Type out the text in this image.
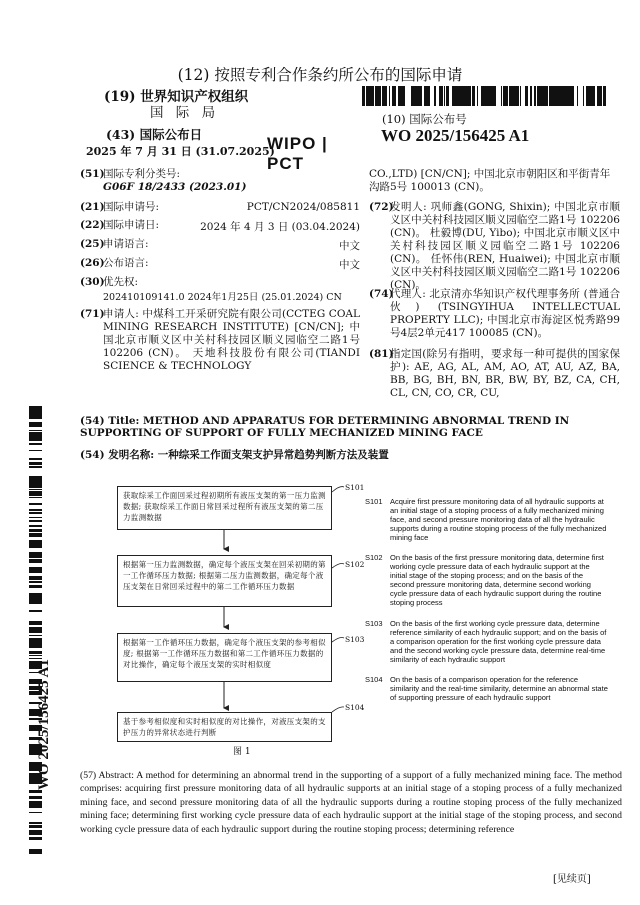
(12) 按照专利合作条约所公布的国际申请
(19) 世界知识产权组织
国 际 局	(10) 国际公布号
(43) 国际公布日	WO 2025/156425 A1
2025 年 7 月 31 日 (31.07.2025)
WIPO | PCT
(51)
国际专利分类号:
G06F 18/2433 (2023.01)
(21)
国际申请号:	PCT/CN2024/085811
(22)
国际申请日:	2024 年 4 月 3 日 (03.04.2024)
(25)
申请语言:	中文
(26)
公布语言:	中文
(30)
优先权:
202410109141.0 2024年1月25日 (25.01.2024) CN
(71)
申请人: 中煤科工开采研究院有限公司(CCTEG COAL MINING RESEARCH INSTITUTE) [CN/CN]; 中国北京市顺义区中关村科技园区顺义园临空二路1号 102206 (CN)。 天地科技股份有限公司(TIANDI SCIENCE & TECHNOLOGY
CO.,LTD) [CN/CN]; 中国北京市朝阳区和平街青年沟路5号 100013 (CN)。
(72)
发明人: 巩师鑫(GONG, Shixin); 中国北京市顺义区中关村科技园区顺义园临空二路1号 102206 (CN)。 杜毅博(DU, Yibo); 中国北京市顺义区中关村科技园区顺义园临空二路1号 102206 (CN)。 任怀伟(REN, Huaiwei); 中国北京市顺义区中关村科技园区顺义园临空二路1号 102206 (CN)。
(74)
代理人: 北京清亦华知识产权代理事务所 (普通合伙) (TSINGYIHUA INTELLECTUAL PROPERTY LLC); 中国北京市海淀区悦秀路99号4层2单元417 100085 (CN)。
(81)
指定国(除另有指明，要求每一种可提供的国家保护): AE, AG, AL, AM, AO, AT, AU, AZ, BA, BB, BG, BH, BN, BR, BW, BY, BZ, CA, CH, CL, CN, CO, CR, CU,
WO 2025/156425 A1
(54) Title: METHOD AND APPARATUS FOR DETERMINING ABNORMAL TREND IN SUPPORTING OF SUPPORT OF FULLY MECHANIZED MINING FACE
(54) 发明名称: 一种综采工作面支架支护异常趋势判断方法及装置
获取综采工作面回采过程初期所有液压支架的第一压力监测数据; 获取综采工作面日常回采过程所有液压支架的第二压力监测数据
S101
根据第一压力监测数据，确定每个液压支架在回采初期的第一工作循环压力数据; 根据第二压力监测数据，确定每个液压支架在日常回采过程中的第二工作循环压力数据
S102
根据第一工作循环压力数据，确定每个液压支架的参考相似度; 根据第一工作循环压力数据和第二工作循环压力数据的对比操作，确定每个液压支架的实时相似度
S103
基于参考相似度和实时相似度的对比操作，对液压支架的支护压力的异常状态进行判断
S104
图 1
S101 Acquire first pressure monitoring data of all hydraulic supports at an initial stage of a stoping process of a fully mechanized mining face, and second pressure monitoring data of all the hydraulic supports during a routine stoping process of the fully mechanized mining face
S102 On the basis of the first pressure monitoring data, determine first working cycle pressure data of each hydraulic support at the initial stage of the stoping process; and on the basis of the second pressure monitoring data, determine second working cycle pressure data of each hydraulic support during the routine stoping process
S103 On the basis of the first working cycle pressure data, determine reference similarity of each hydraulic support; and on the basis of a comparison operation for the first working cycle pressure data and the second working cycle pressure data, determine real-time similarity of each hydraulic support
S104 On the basis of a comparison operation for the reference similarity and the real-time similarity, determine an abnormal state of supporting pressure of each hydraulic support
(57) Abstract: A method for determining an abnormal trend in the supporting of a support of a fully mechanized mining face. The method comprises: acquiring first pressure monitoring data of all hydraulic supports at an initial stage of a stoping process of a fully mechanized mining face, and second pressure monitoring data of all the hydraulic supports during a routine stoping process of the fully mechanized mining face; determining first working cycle pressure data of each hydraulic support at the initial stage of the stoping process, and second working cycle pressure data of each hydraulic support during the routine stoping process; determining reference
[见续页]
